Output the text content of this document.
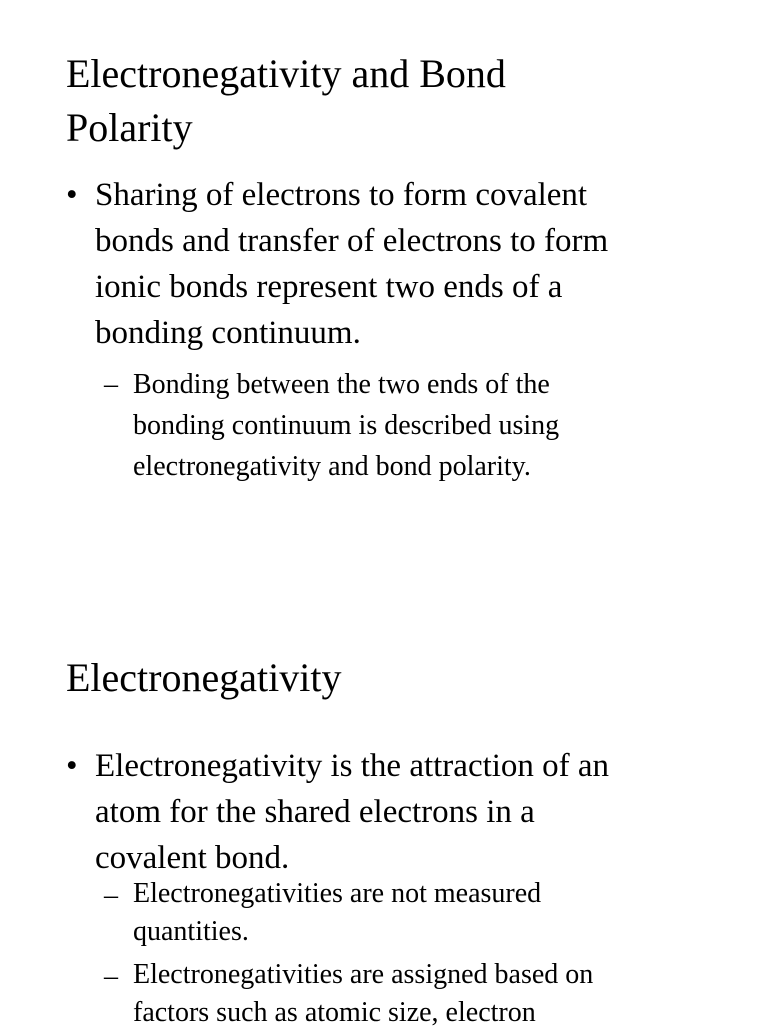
Electronegativity and Bond
Polarity
• Sharing of electrons to form covalent
bonds and transfer of electrons to form
ionic bonds represent two ends of a
bonding continuum.
– Bonding between the two ends of the
bonding continuum is described using
electronegativity and bond polarity.
Electronegativity
• Electronegativity is the attraction of an
atom for the shared electrons in a
covalent bond.
– Electronegativities are not measured
quantities.
– Electronegativities are assigned based on
factors such as atomic size, electron
